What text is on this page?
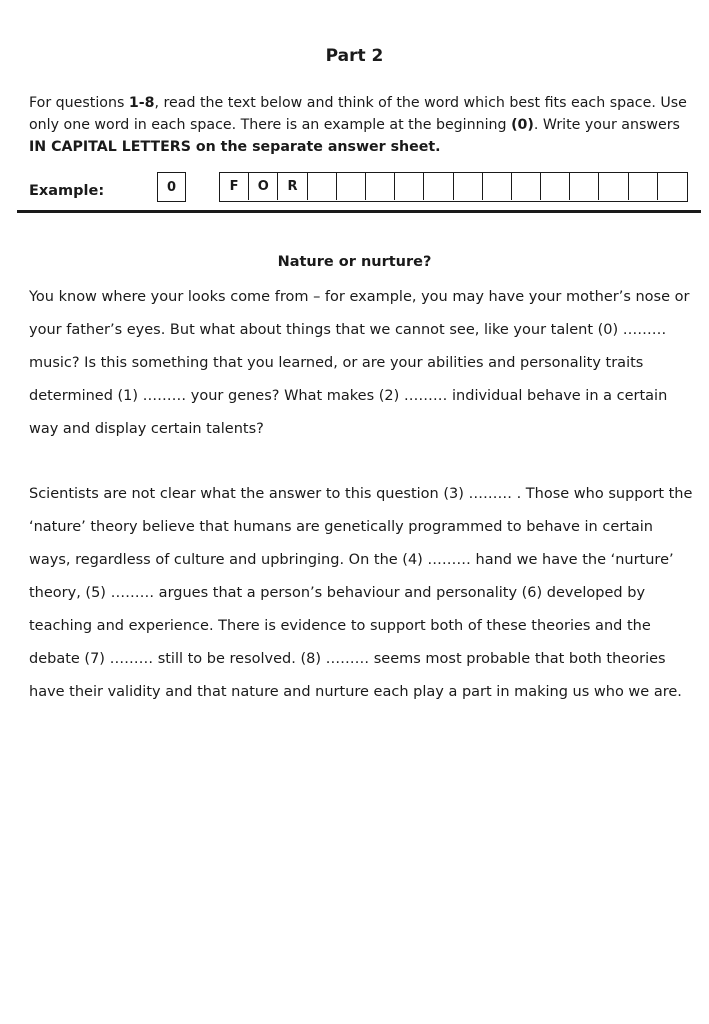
Part 2
For questions 1-8, read the text below and think of the word which best fits each space. Use only one word in each space. There is an example at the beginning (0). Write your answers IN CAPITAL LETTERS on the separate answer sheet.
Example:	0	F	O	R
Nature or nurture?

You know where your looks come from – for example, you may have your mother’s nose or your father’s eyes. But what about things that we cannot see, like your talent (0) ……… music? Is this something that you learned, or are your abilities and personality traits determined (1) ……… your genes? What makes (2) ……… individual behave in a certain way and display certain talents?

Scientists are not clear what the answer to this question (3) ……… . Those who support the ‘nature’ theory believe that humans are genetically programmed to behave in certain ways, regardless of culture and upbringing. On the (4) ……… hand we have the ‘nurture’ theory, (5) ……… argues that a person’s behaviour and personality (6) developed by teaching and experience. There is evidence to support both of these theories and the debate (7) ……… still to be resolved. (8) ……… seems most probable that both theories have their validity and that nature and nurture each play a part in making us who we are.
